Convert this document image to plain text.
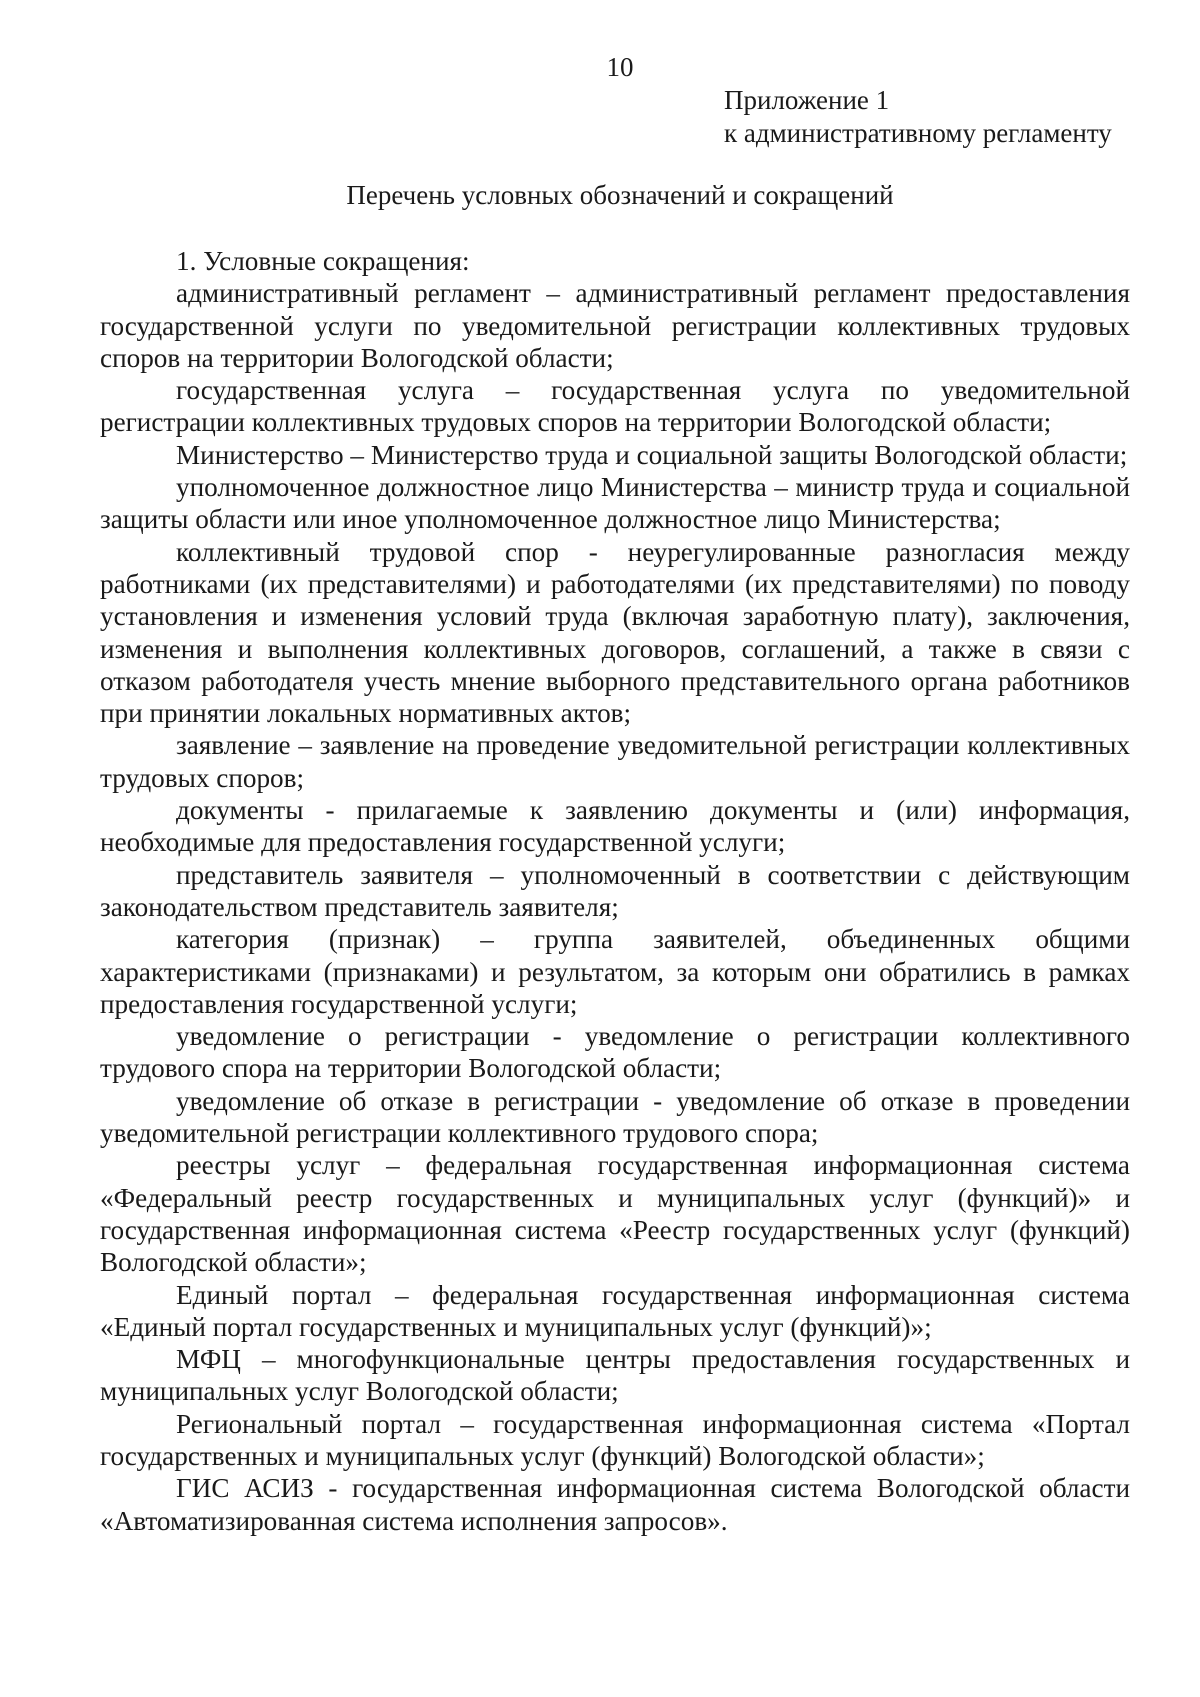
10
Приложение 1
к административному регламенту
Перечень условных обозначений и сокращений

1. Условные сокращения:

административный регламент – административный регламент предоставления государственной услуги по уведомительной регистрации коллективных трудовых споров на территории Вологодской области;

государственная услуга – государственная услуга по уведомительной регистрации коллективных трудовых споров на территории Вологодской области;

Министерство – Министерство труда и социальной защиты Вологодской области;

уполномоченное должностное лицо Министерства – министр труда и социальной защиты области или иное уполномоченное должностное лицо Министерства;

коллективный трудовой спор - неурегулированные разногласия между работниками (их представителями) и работодателями (их представителями) по поводу установления и изменения условий труда (включая заработную плату), заключения, изменения и выполнения коллективных договоров, соглашений, а также в связи с отказом работодателя учесть мнение выборного представительного органа работников при принятии локальных нормативных актов;

заявление – заявление на проведение уведомительной регистрации коллективных трудовых споров;

документы - прилагаемые к заявлению документы и (или) информация, необходимые для предоставления государственной услуги;

представитель заявителя – уполномоченный в соответствии с действующим законодательством представитель заявителя;

категория (признак) – группа заявителей, объединенных общими характеристиками (признаками) и результатом, за которым они обратились в рамках предоставления государственной услуги;

уведомление о регистрации - уведомление о регистрации коллективного трудового спора на территории Вологодской области;

уведомление об отказе в регистрации - уведомление об отказе в проведении уведомительной регистрации коллективного трудового спора;

реестры услуг – федеральная государственная информационная система «Федеральный реестр государственных и муниципальных услуг (функций)» и государственная информационная система «Реестр государственных услуг (функций) Вологодской области»;

Единый портал – федеральная государственная информационная система «Единый портал государственных и муниципальных услуг (функций)»;

МФЦ – многофункциональные центры предоставления государственных и муниципальных услуг Вологодской области;

Региональный портал – государственная информационная система «Портал государственных и муниципальных услуг (функций) Вологодской области»;

ГИС АСИЗ - государственная информационная система Вологодской области «Автоматизированная система исполнения запросов».
